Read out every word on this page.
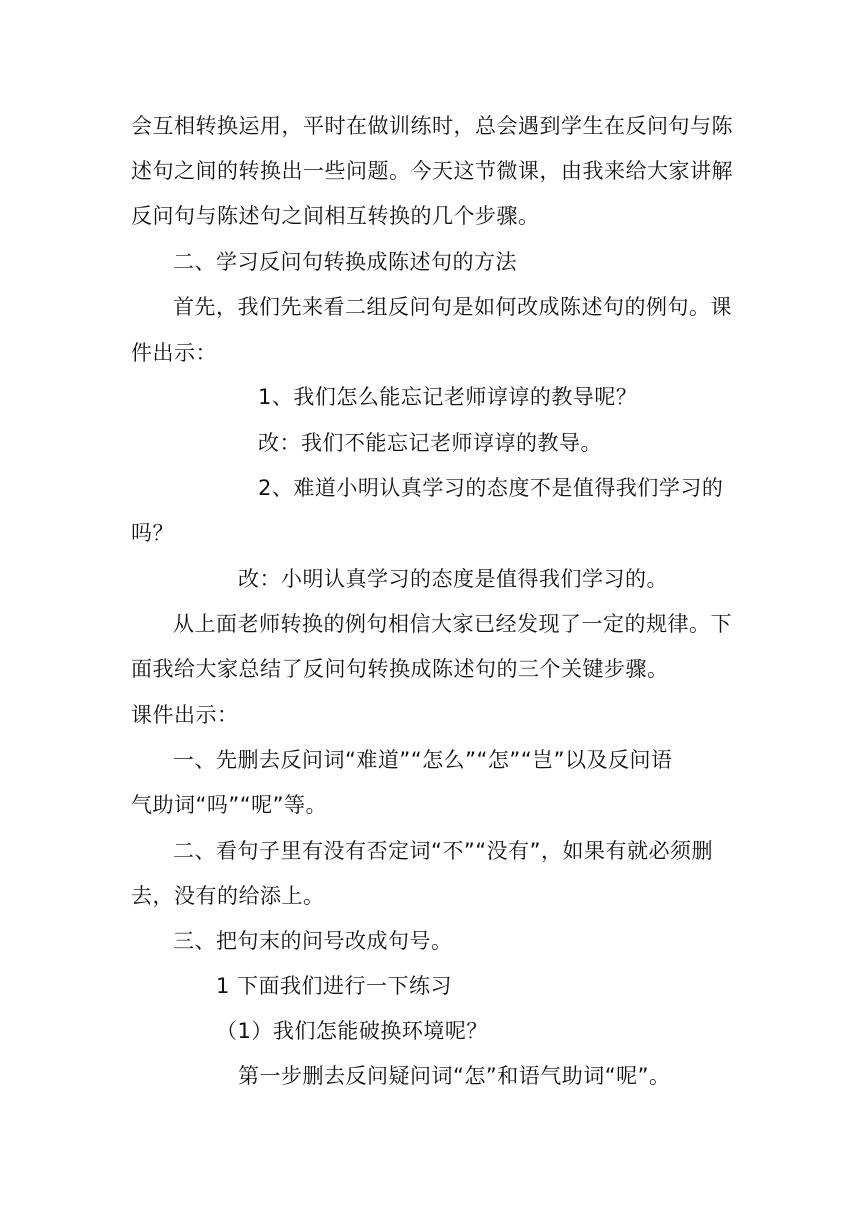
会互相转换运用，平时在做训练时，总会遇到学生在反问句与陈
述句之间的转换出一些问题。今天这节微课，由我来给大家讲解
反问句与陈述句之间相互转换的几个步骤。
二、学习反问句转换成陈述句的方法
首先，我们先来看二组反问句是如何改成陈述句的例句。课
件出示：
1、我们怎么能忘记老师谆谆的教导呢？
改：我们不能忘记老师谆谆的教导。
2、难道小明认真学习的态度不是值得我们学习的
吗？
改：小明认真学习的态度是值得我们学习的。
从上面老师转换的例句相信大家已经发现了一定的规律。下
面我给大家总结了反问句转换成陈述句的三个关键步骤。
课件出示：
一、先删去反问词“难道”“怎么”“怎”“岂”以及反问语
气助词“吗”“呢”等。
二、看句子里有没有否定词“不”“没有”，如果有就必须删
去，没有的给添上。
三、把句末的问号改成句号。
1 下面我们进行一下练习
（1）我们怎能破换环境呢？
第一步删去反问疑问词“怎”和语气助词“呢”。
